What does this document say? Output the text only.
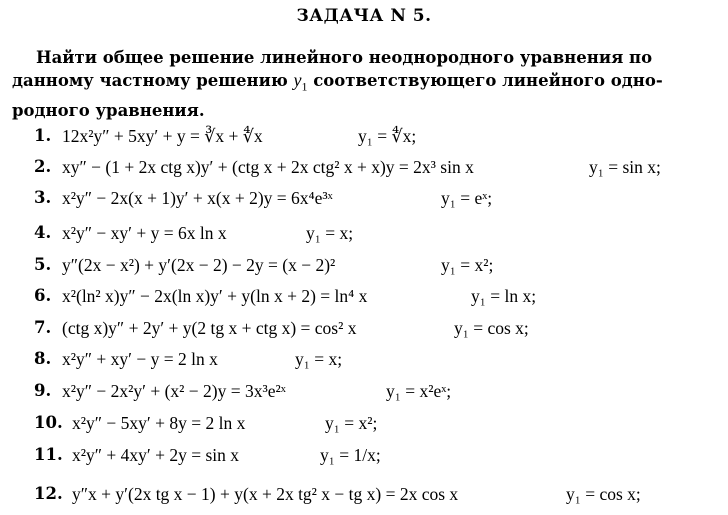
ЗАДАЧА N 5.
Найти общее решение линейного неоднородного уравнения по
данному частному решению $y_1$ соответствующего линейного одно-
родного уравнения.
1. 12x²y″ + 5xy′ + y = ∛x + ∜x	y₁ = ∜x;
2. xy″ − (1 + 2x ctg x)y′ + (ctg x + 2x ctg² x + x)y = 2x³ sin x	y₁ = sin x;
3. x²y″ − 2x(x + 1)y′ + x(x + 2)y = 6x⁴e³ˣ	y₁ = eˣ;
4. x²y″ − xy′ + y = 6x ln x	y₁ = x;
5. y″(2x − x²) + y′(2x − 2) − 2y = (x − 2)²	y₁ = x²;
6. x²(ln² x)y″ − 2x(ln x)y′ + y(ln x + 2) = ln⁴ x	y₁ = ln x;
7. (ctg x)y″ + 2y′ + y(2 tg x + ctg x) = cos² x	y₁ = cos x;
8. x²y″ + xy′ − y = 2 ln x	y₁ = x;
9. x²y″ − 2x²y′ + (x² − 2)y = 3x³e²ˣ	y₁ = x²eˣ;
10. x²y″ − 5xy′ + 8y = 2 ln x	y₁ = x²;
11. x²y″ + 4xy′ + 2y = sin x	y₁ = 1/x;
12. y″x + y′(2x tg x − 1) + y(x + 2x tg² x − tg x) = 2x cos x	y₁ = cos x;
